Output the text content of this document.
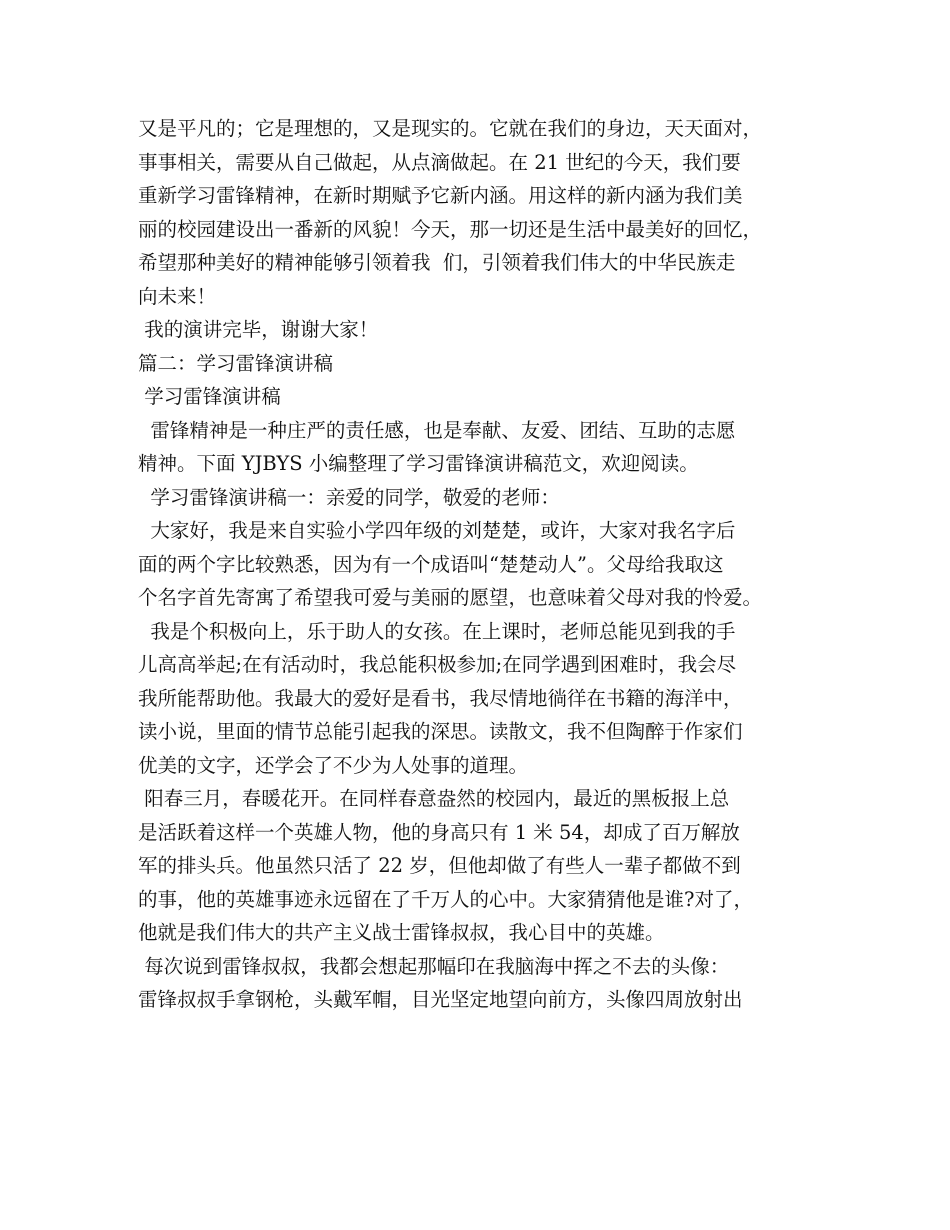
又是平凡的；它是理想的，又是现实的。它就在我们的身边，天天面对，
事事相关，需要从自己做起，从点滴做起。在 21 世纪的今天，我们要
重新学习雷锋精神，在新时期赋予它新内涵。用这样的新内涵为我们美
丽的校园建设出一番新的风貌！今天，那一切还是生活中最美好的回忆，
希望那种美好的精神能够引领着我  们，引领着我们伟大的中华民族走
向未来！
我的演讲完毕，谢谢大家！
篇二：学习雷锋演讲稿
学习雷锋演讲稿
雷锋精神是一种庄严的责任感，也是奉献、友爱、团结、互助的志愿
精神。下面 YJBYS 小编整理了学习雷锋演讲稿范文，欢迎阅读。
学习雷锋演讲稿一：亲爱的同学，敬爱的老师：
大家好，我是来自实验小学四年级的刘楚楚，或许，大家对我名字后
面的两个字比较熟悉，因为有一个成语叫“楚楚动人”。父母给我取这
个名字首先寄寓了希望我可爱与美丽的愿望，也意味着父母对我的怜爱。
我是个积极向上，乐于助人的女孩。在上课时，老师总能见到我的手
儿高高举起;在有活动时，我总能积极参加;在同学遇到困难时，我会尽
我所能帮助他。我最大的爱好是看书，我尽情地徜徉在书籍的海洋中，
读小说，里面的情节总能引起我的深思。读散文，我不但陶醉于作家们
优美的文字，还学会了不少为人处事的道理。
阳春三月，春暖花开。在同样春意盎然的校园内，最近的黑板报上总
是活跃着这样一个英雄人物，他的身高只有 1 米 54，却成了百万解放
军的排头兵。他虽然只活了 22 岁，但他却做了有些人一辈子都做不到
的事，他的英雄事迹永远留在了千万人的心中。大家猜猜他是谁?对了，
他就是我们伟大的共产主义战士雷锋叔叔，我心目中的英雄。
每次说到雷锋叔叔，我都会想起那幅印在我脑海中挥之不去的头像：
雷锋叔叔手拿钢枪，头戴军帽，目光坚定地望向前方，头像四周放射出
